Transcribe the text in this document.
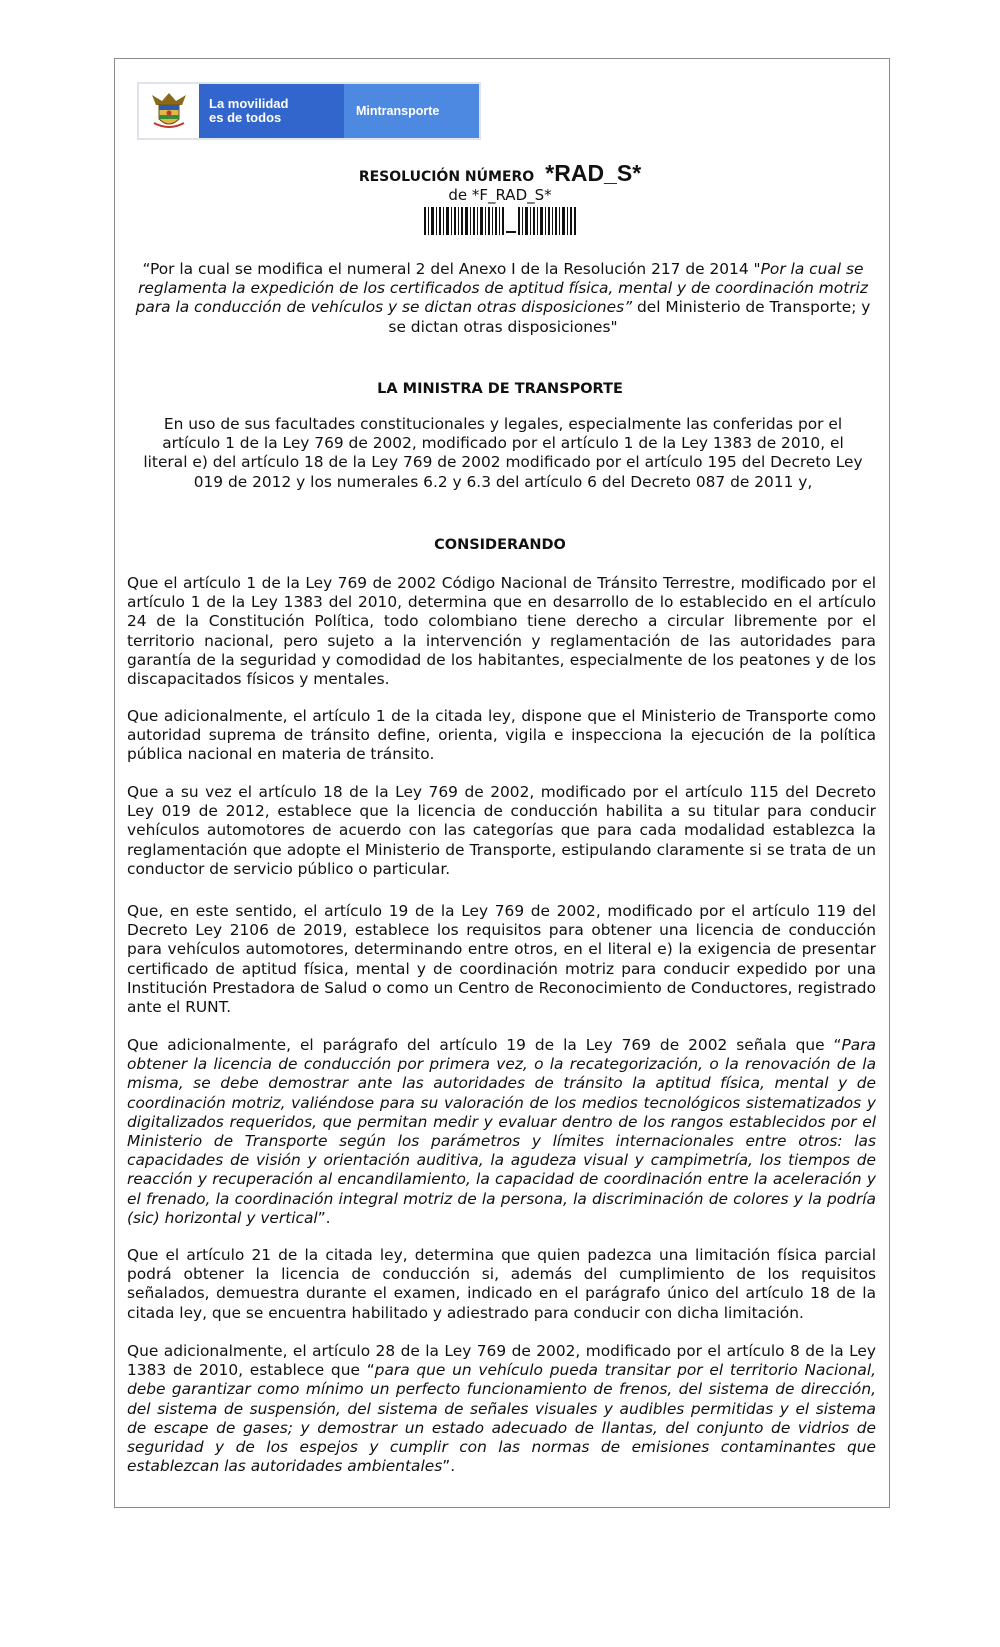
La movilidad
es de todos	Mintransporte
RESOLUCIÓN NÚMERO *RAD_S*
de *F_RAD_S*
“Por la cual se modifica el numeral 2 del Anexo I de la Resolución 217 de 2014 "Por la cual se reglamenta la expedición de los certificados de aptitud física, mental y de coordinación motriz para la conducción de vehículos y se dictan otras disposiciones” del Ministerio de Transporte; y se dictan otras disposiciones"
LA MINISTRA DE TRANSPORTE
En uso de sus facultades constitucionales y legales, especialmente las conferidas por el artículo 1 de la Ley 769 de 2002, modificado por el artículo 1 de la Ley 1383 de 2010, el literal e) del artículo 18 de la Ley 769 de 2002 modificado por el artículo 195 del Decreto Ley 019 de 2012 y los numerales 6.2 y 6.3 del artículo 6 del Decreto 087 de 2011 y,
CONSIDERANDO
Que el artículo 1 de la Ley 769 de 2002 Código Nacional de Tránsito Terrestre, modificado por el artículo 1 de la Ley 1383 del 2010, determina que en desarrollo de lo establecido en el artículo 24 de la Constitución Política, todo colombiano tiene derecho a circular libremente por el territorio nacional, pero sujeto a la intervención y reglamentación de las autoridades para garantía de la seguridad y comodidad de los habitantes, especialmente de los peatones y de los discapacitados físicos y mentales.
Que adicionalmente, el artículo 1 de la citada ley, dispone que el Ministerio de Transporte como autoridad suprema de tránsito define, orienta, vigila e inspecciona la ejecución de la política pública nacional en materia de tránsito.
Que a su vez el artículo 18 de la Ley 769 de 2002, modificado por el artículo 115 del Decreto Ley 019 de 2012, establece que la licencia de conducción habilita a su titular para conducir vehículos automotores de acuerdo con las categorías que para cada modalidad establezca la reglamentación que adopte el Ministerio de Transporte, estipulando claramente si se trata de un conductor de servicio público o particular.
Que, en este sentido, el artículo 19 de la Ley 769 de 2002, modificado por el artículo 119 del Decreto Ley 2106 de 2019, establece los requisitos para obtener una licencia de conducción para vehículos automotores, determinando entre otros, en el literal e) la exigencia de presentar certificado de aptitud física, mental y de coordinación motriz para conducir expedido por una Institución Prestadora de Salud o como un Centro de Reconocimiento de Conductores, registrado ante el RUNT.
Que adicionalmente, el parágrafo del artículo 19 de la Ley 769 de 2002 señala que “Para obtener la licencia de conducción por primera vez, o la recategorización, o la renovación de la misma, se debe demostrar ante las autoridades de tránsito la aptitud física, mental y de coordinación motriz, valiéndose para su valoración de los medios tecnológicos sistematizados y digitalizados requeridos, que permitan medir y evaluar dentro de los rangos establecidos por el Ministerio de Transporte según los parámetros y límites internacionales entre otros: las capacidades de visión y orientación auditiva, la agudeza visual y campimetría, los tiempos de reacción y recuperación al encandilamiento, la capacidad de coordinación entre la aceleración y el frenado, la coordinación integral motriz de la persona, la discriminación de colores y la podría (sic) horizontal y vertical”.
Que el artículo 21 de la citada ley, determina que quien padezca una limitación física parcial podrá obtener la licencia de conducción si, además del cumplimiento de los requisitos señalados, demuestra durante el examen, indicado en el parágrafo único del artículo 18 de la citada ley, que se encuentra habilitado y adiestrado para conducir con dicha limitación.
Que adicionalmente, el artículo 28 de la Ley 769 de 2002, modificado por el artículo 8 de la Ley 1383 de 2010, establece que “para que un vehículo pueda transitar por el territorio Nacional, debe garantizar como mínimo un perfecto funcionamiento de frenos, del sistema de dirección, del sistema de suspensión, del sistema de señales visuales y audibles permitidas y el sistema de escape de gases; y demostrar un estado adecuado de llantas, del conjunto de vidrios de seguridad y de los espejos y cumplir con las normas de emisiones contaminantes que establezcan las autoridades ambientales”.
